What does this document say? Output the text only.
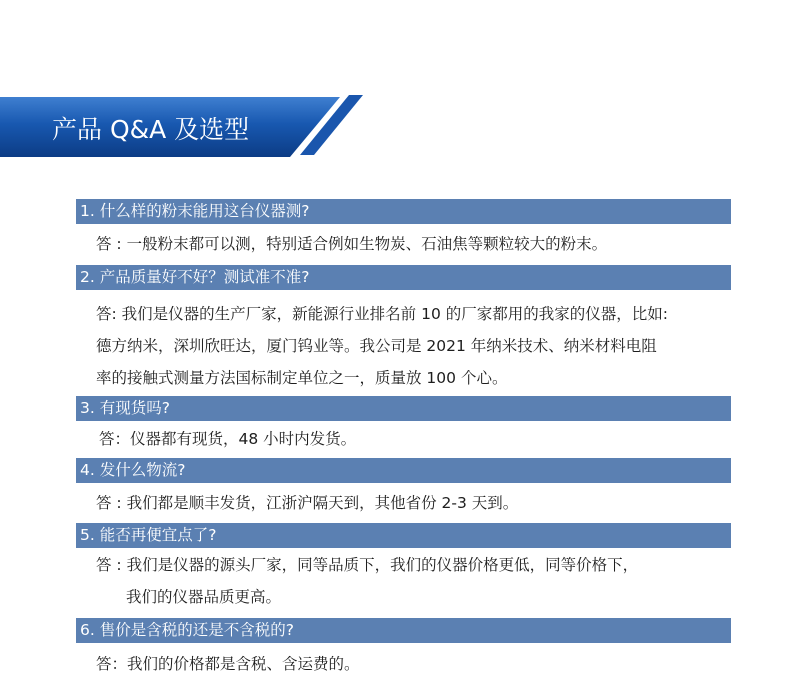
产品 Q&A 及选型
1. 什么样的粉末能用这台仪器测?
答 : 一般粉末都可以测，特别适合例如生物炭、石油焦等颗粒较大的粉末。
2. 产品质量好不好？测试准不准?
答: 我们是仪器的生产厂家，新能源行业排名前 10 的厂家都用的我家的仪器，比如:
德方纳米，深圳欣旺达，厦门钨业等。我公司是 2021 年纳米技术、纳米材料电阻
率的接触式测量方法国标制定单位之一，质量放 100 个心。
3. 有现货吗?
答：仪器都有现货，48 小时内发货。
4. 发什么物流?
答 : 我们都是顺丰发货，江浙沪隔天到，其他省份 2-3 天到。
5. 能否再便宜点了?
答 : 我们是仪器的源头厂家，同等品质下，我们的仪器价格更低，同等价格下，
我们的仪器品质更高。
6. 售价是含税的还是不含税的?
答：我们的价格都是含税、含运费的。
